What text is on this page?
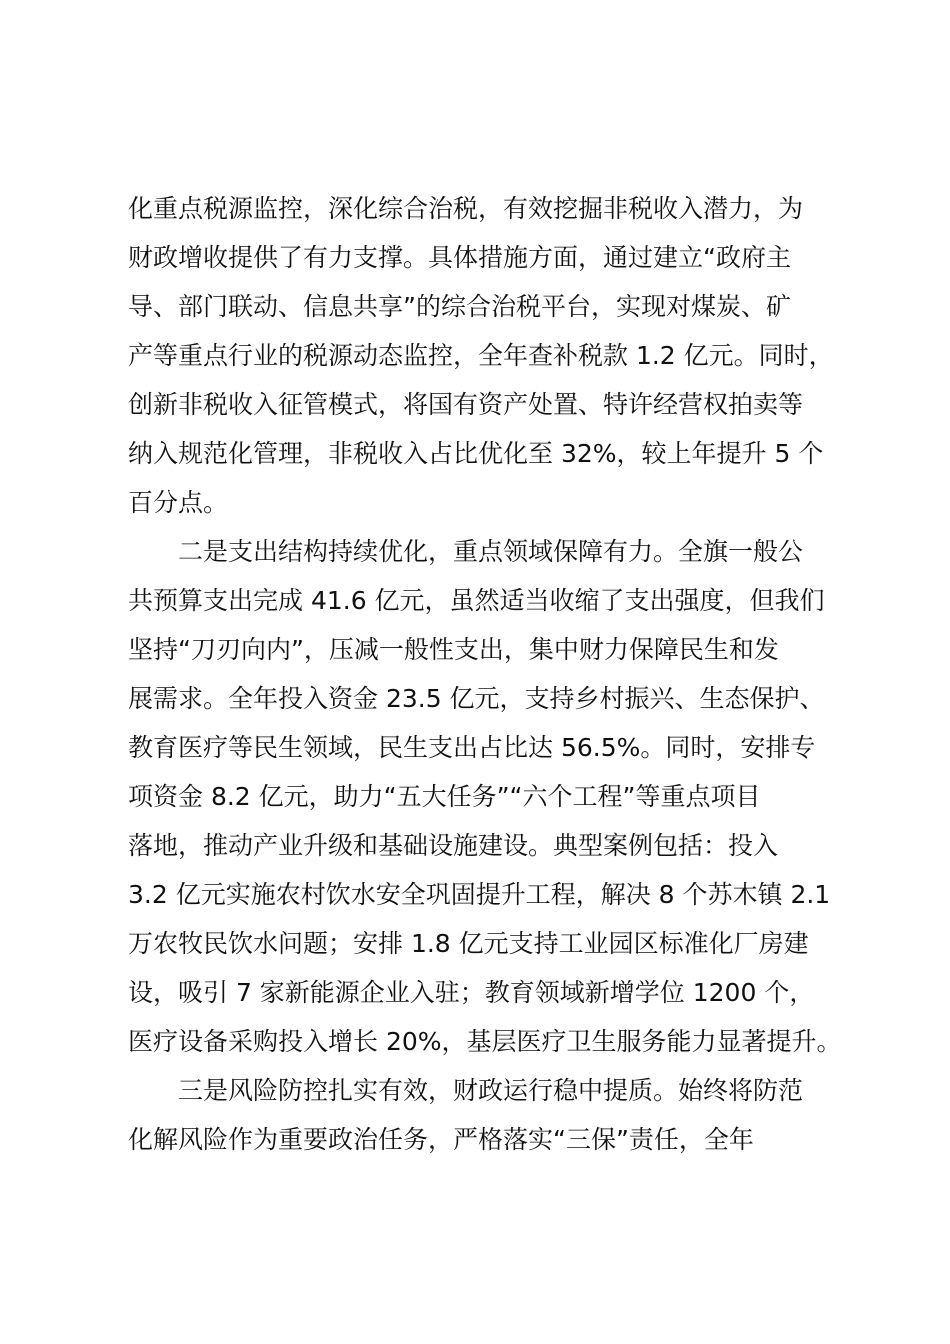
化重点税源监控，深化综合治税，有效挖掘非税收入潜力，为
财政增收提供了有力支撑。具体措施方面，通过建立“政府主
导、部门联动、信息共享”的综合治税平台，实现对煤炭、矿
产等重点行业的税源动态监控，全年查补税款 1.2 亿元。同时，
创新非税收入征管模式，将国有资产处置、特许经营权拍卖等
纳入规范化管理，非税收入占比优化至 32%，较上年提升 5 个
百分点。
二是支出结构持续优化，重点领域保障有力。全旗一般公
共预算支出完成 41.6 亿元，虽然适当收缩了支出强度，但我们
坚持“刀刃向内”，压减一般性支出，集中财力保障民生和发
展需求。全年投入资金 23.5 亿元，支持乡村振兴、生态保护、
教育医疗等民生领域，民生支出占比达 56.5%。同时，安排专
项资金 8.2 亿元，助力“五大任务”“六个工程”等重点项目
落地，推动产业升级和基础设施建设。典型案例包括：投入
3.2 亿元实施农村饮水安全巩固提升工程，解决 8 个苏木镇 2.1
万农牧民饮水问题；安排 1.8 亿元支持工业园区标准化厂房建
设，吸引 7 家新能源企业入驻；教育领域新增学位 1200 个，
医疗设备采购投入增长 20%，基层医疗卫生服务能力显著提升。
三是风险防控扎实有效，财政运行稳中提质。始终将防范
化解风险作为重要政治任务，严格落实“三保”责任，全年
